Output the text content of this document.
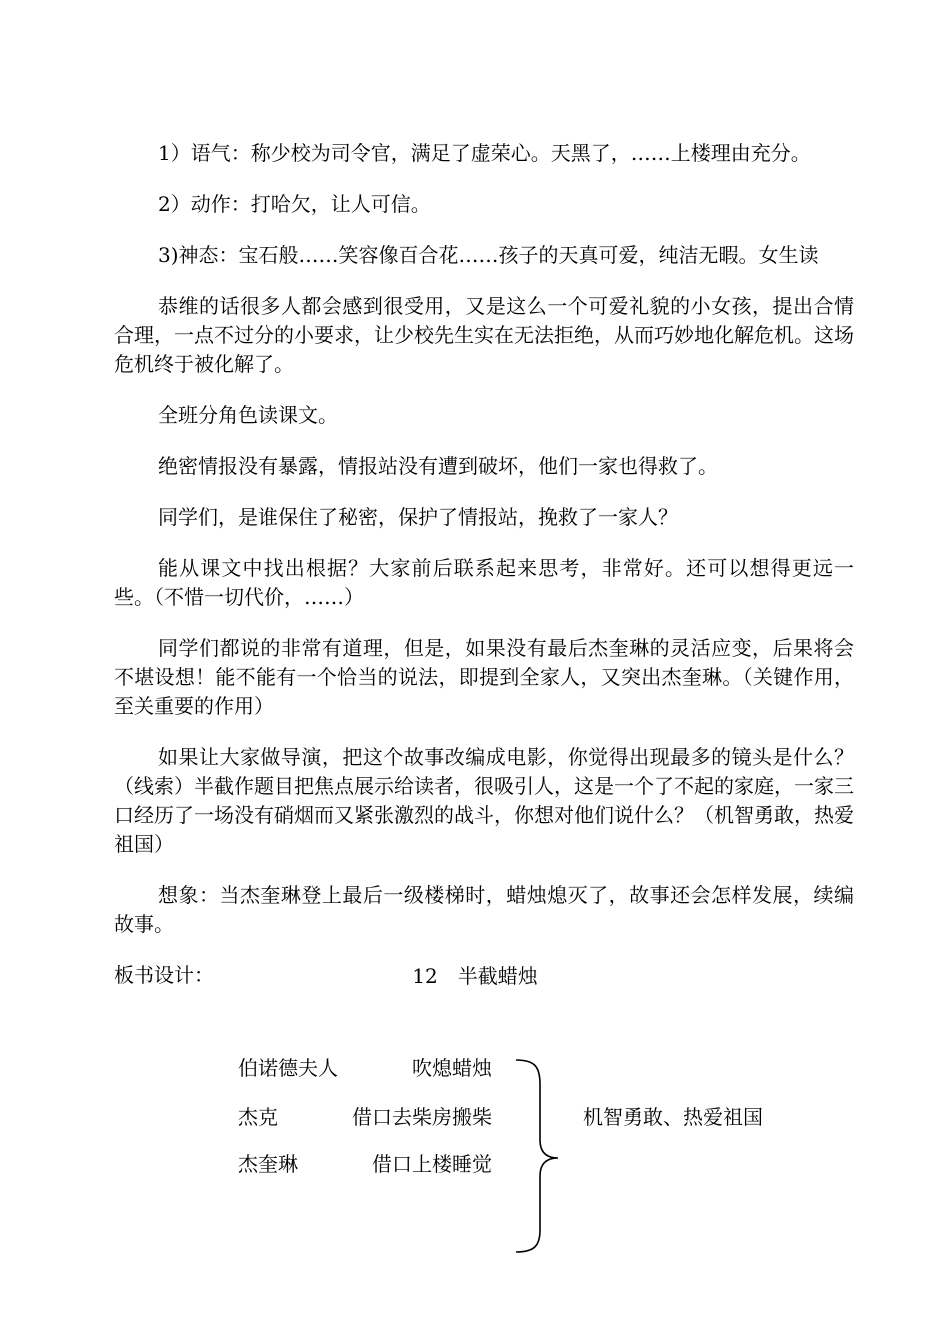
1）语气：称少校为司令官，满足了虚荣心。天黑了，……上楼理由充分。

2）动作：打哈欠，让人可信。

3)神态：宝石般……笑容像百合花……孩子的天真可爱，纯洁无暇。女生读

恭维的话很多人都会感到很受用，又是这么一个可爱礼貌的小女孩，提出合情合理，一点不过分的小要求，让少校先生实在无法拒绝，从而巧妙地化解危机。这场危机终于被化解了。

全班分角色读课文。

绝密情报没有暴露，情报站没有遭到破坏，他们一家也得救了。

同学们，是谁保住了秘密，保护了情报站，挽救了一家人？

能从课文中找出根据？大家前后联系起来思考，非常好。还可以想得更远一些。（不惜一切代价，……）

同学们都说的非常有道理，但是，如果没有最后杰奎琳的灵活应变，后果将会不堪设想！能不能有一个恰当的说法，即提到全家人，又突出杰奎琳。（关键作用，至关重要的作用）

如果让大家做导演，把这个故事改编成电影，你觉得出现最多的镜头是什么？（线索）半截作题目把焦点展示给读者，很吸引人，这是一个了不起的家庭，一家三口经历了一场没有硝烟而又紧张激烈的战斗，你想对他们说什么？（机智勇敢，热爱祖国）

想象：当杰奎琳登上最后一级楼梯时，蜡烛熄灭了，故事还会怎样发展，续编故事。

板书设计：	12　半截蜡烛
伯诺德夫人	吹熄蜡烛
杰克	借口去柴房搬柴
杰奎琳	借口上楼睡觉
机智勇敢、热爱祖国
